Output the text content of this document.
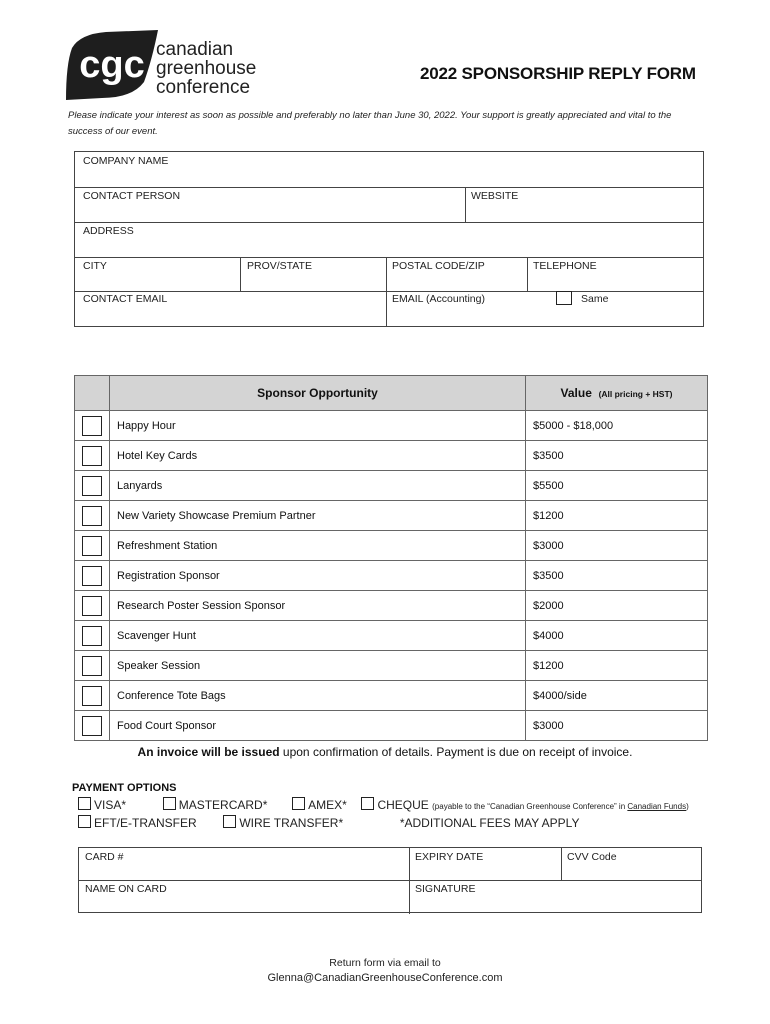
cgc canadian
greenhouse
conference
2022 SPONSORSHIP REPLY FORM
Please indicate your interest as soon as possible and preferably no later than June 30, 2022. Your support is greatly appreciated and vital to the success of our event.
COMPANY NAME
CONTACT PERSON	WEBSITE
ADDRESS
CITY	PROV/STATE	POSTAL CODE/ZIP	TELEPHONE
CONTACT EMAIL	EMAIL (Accounting)	Same
	Sponsor Opportunity	Value (All pricing + HST)
	Happy Hour	$5000 - $18,000
	Hotel Key Cards	$3500
	Lanyards	$5500
	New Variety Showcase Premium Partner	$1200
	Refreshment Station	$3000
	Registration Sponsor	$3500
	Research Poster Session Sponsor	$2000
	Scavenger Hunt	$4000
	Speaker Session	$1200
	Conference Tote Bags	$4000/side
	Food Court Sponsor	$3000
An invoice will be issued upon confirmation of details. Payment is due on receipt of invoice.
PAYMENT OPTIONS
VISA*	MASTERCARD*	AMEX*	CHEQUE (payable to the “Canadian Greenhouse Conference” in Canadian Funds)
EFT/E-TRANSFER	WIRE TRANSFER*	*ADDITIONAL FEES MAY APPLY
CARD #	EXPIRY DATE	CVV Code
NAME ON CARD	SIGNATURE
Return form via email to
Glenna@CanadianGreenhouseConference.com
